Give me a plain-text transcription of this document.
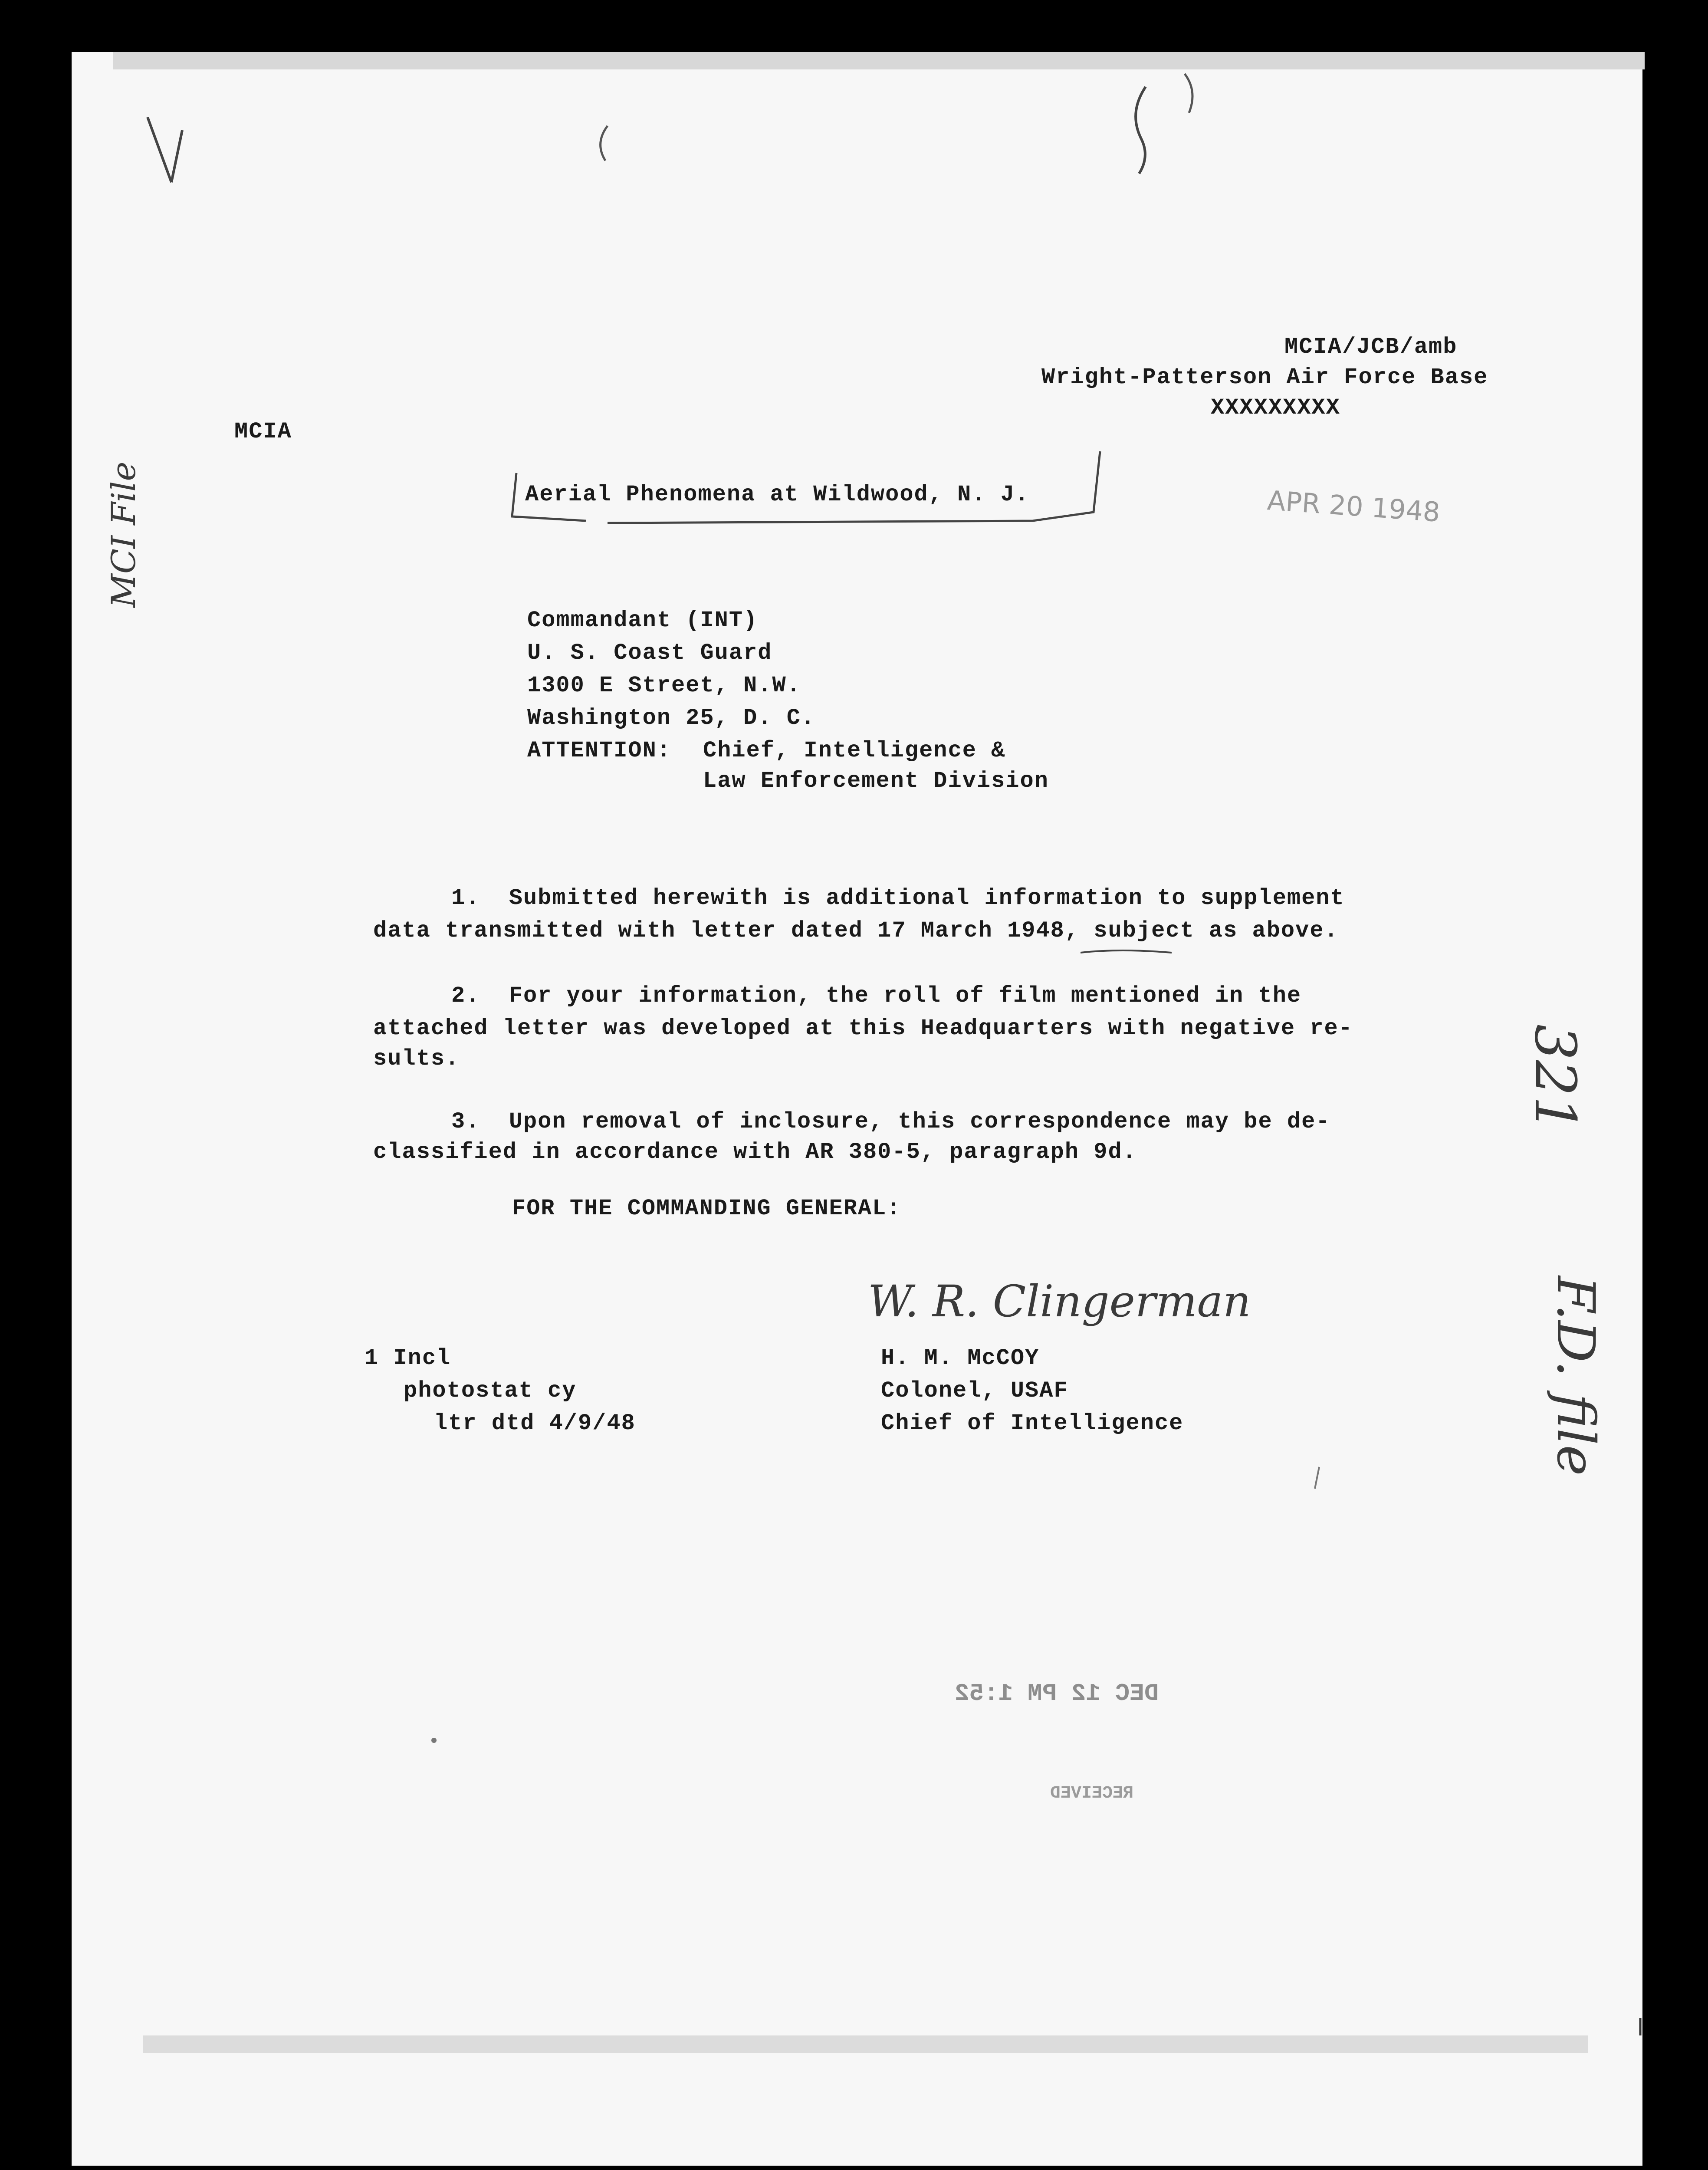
MCIA/JCB/amb
Wright-Patterson Air Force Base
XXXXXXXXX
MCIA
Aerial Phenomena at Wildwood, N. J.	APR 20 1948
Commandant (INT)
U. S. Coast Guard
1300 E Street, N.W.
Washington 25, D. C.
ATTENTION: Chief, Intelligence &
Law Enforcement Division
1.  Submitted herewith is additional information to supplement
data transmitted with letter dated 17 March 1948, subject as above.
2.  For your information, the roll of film mentioned in the
attached letter was developed at this Headquarters with negative re-
sults.
3.  Upon removal of inclosure, this correspondence may be de-
classified in accordance with AR 380-5, paragraph 9d.
FOR THE COMMANDING GENERAL:
W. R. Clingerman
H. M. McCOY
Colonel, USAF
Chief of Intelligence
1 Incl
photostat cy
ltr dtd 4/9/48
MCI File
321
F.D. file
DEC 12 PM 1:52
RECEIVED
